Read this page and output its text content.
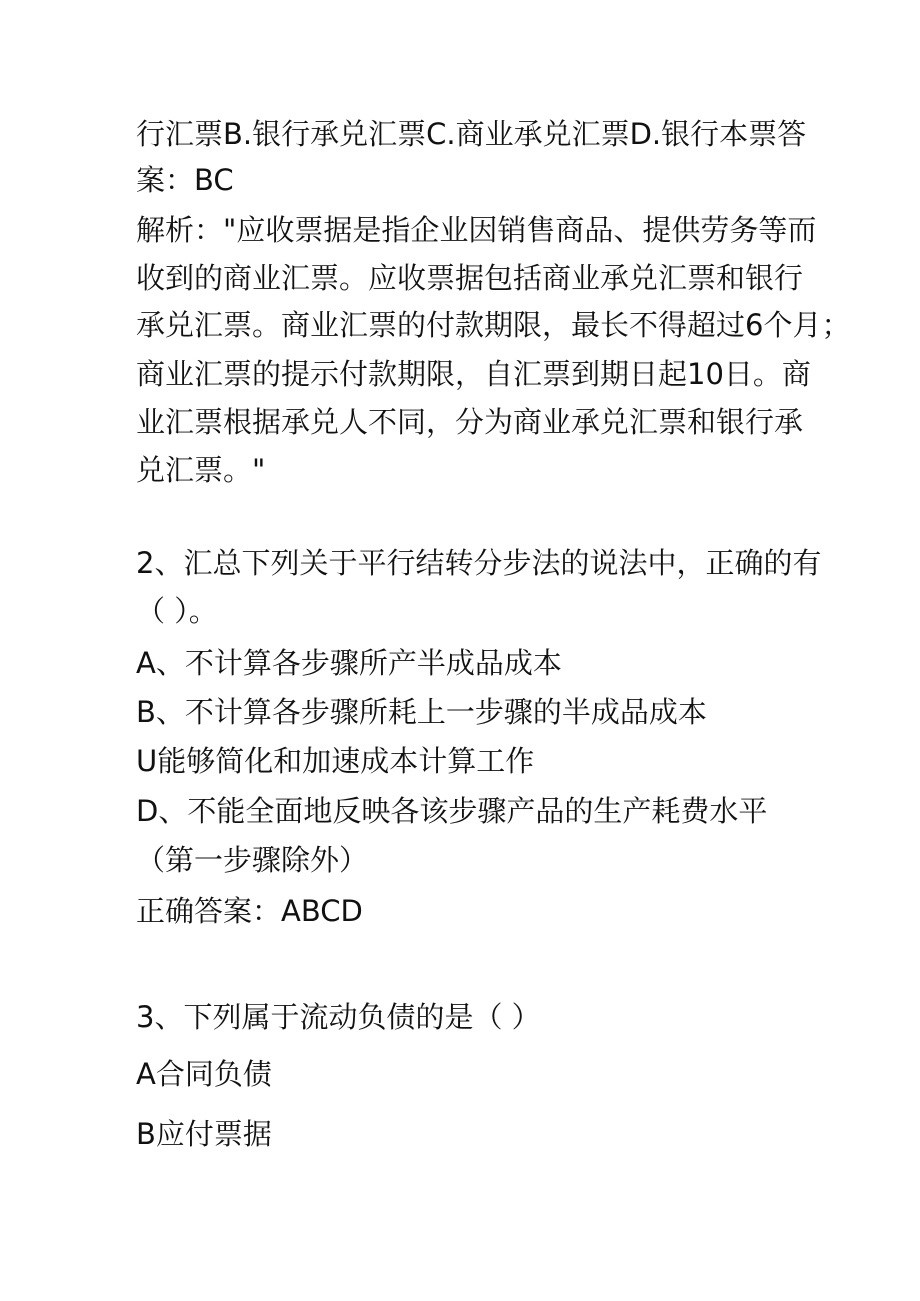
行汇票B.银行承兑汇票C.商业承兑汇票D.银行本票答
案：BC
解析："应收票据是指企业因销售商品、提供劳务等而
收到的商业汇票。应收票据包括商业承兑汇票和银行
承兑汇票。商业汇票的付款期限，最长不得超过6个月；
商业汇票的提示付款期限，自汇票到期日起10日。商
业汇票根据承兑人不同，分为商业承兑汇票和银行承
兑汇票。"
2、汇总下列关于平行结转分步法的说法中，正确的有
（ ）。
A、不计算各步骤所产半成品成本
B、不计算各步骤所耗上一步骤的半成品成本
U能够简化和加速成本计算工作
D、不能全面地反映各该步骤产品的生产耗费水平
（第一步骤除外）
正确答案：ABCD
3、下列属于流动负债的是（ ）
A合同负债
B应付票据
